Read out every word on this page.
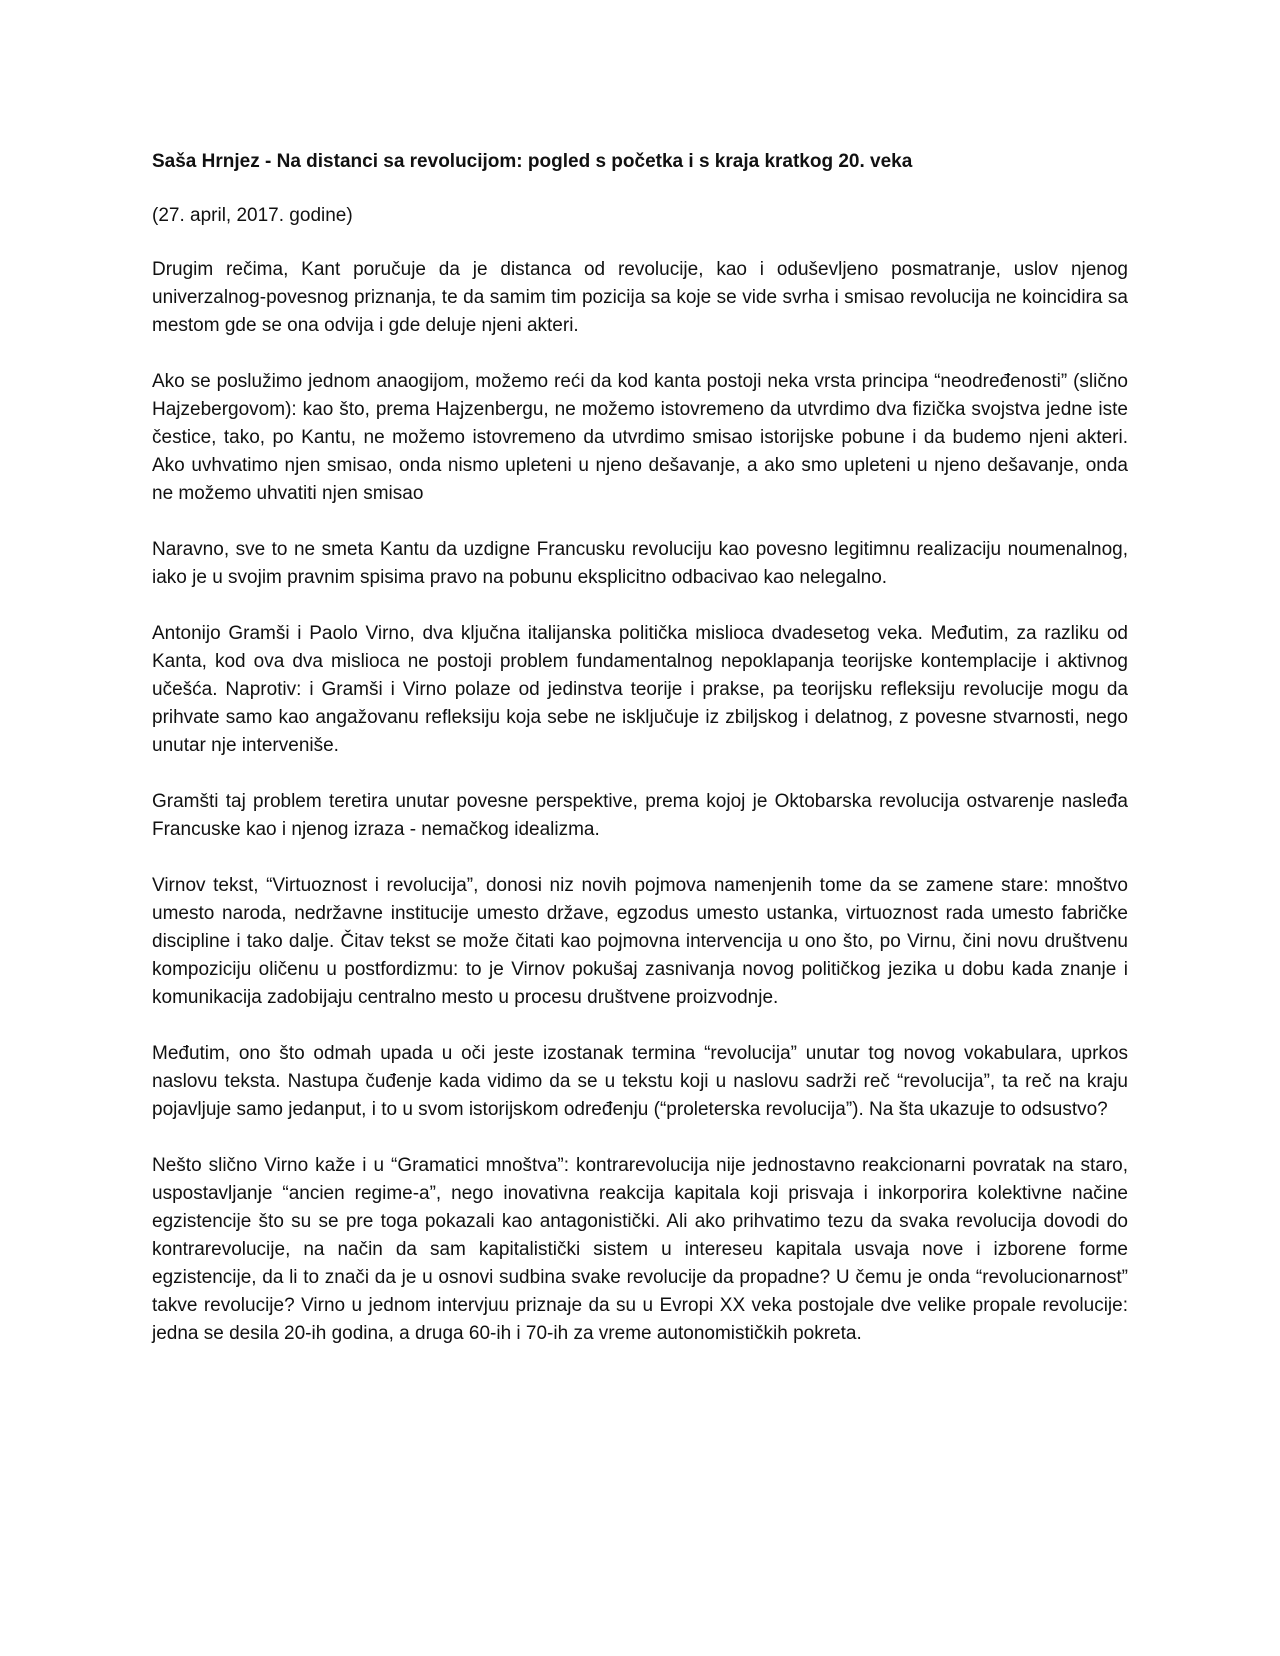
Saša Hrnjez - Na distanci sa revolucijom: pogled s početka i s kraja kratkog 20. veka

(27. april, 2017. godine)

Drugim rečima, Kant poručuje da je distanca od revolucije, kao i oduševljeno posmatranje, uslov njenog univerzalnog-povesnog priznanja, te da samim tim pozicija sa koje se vide svrha i smisao revolucija ne koincidira sa mestom gde se ona odvija i gde deluje njeni akteri.

Ako se poslužimo jednom anaogijom, možemo reći da kod kanta postoji neka vrsta principa “neodređenosti” (slično Hajzebergovom): kao što, prema Hajzenbergu, ne možemo istovremeno da utvrdimo dva fizička svojstva jedne iste čestice, tako, po Kantu, ne možemo istovremeno da utvrdimo smisao istorijske pobune i da budemo njeni akteri. Ako uvhvatimo njen smisao, onda nismo upleteni u njeno dešavanje, a ako smo upleteni u njeno dešavanje, onda ne možemo uhvatiti njen smisao

Naravno, sve to ne smeta Kantu da uzdigne Francusku revoluciju kao povesno legitimnu realizaciju noumenalnog, iako je u svojim pravnim spisima pravo na pobunu eksplicitno odbacivao kao nelegalno.

Antonijo Gramši i Paolo Virno, dva ključna italijanska politička mislioca dvadesetog veka. Međutim, za razliku od Kanta, kod ova dva mislioca ne postoji problem fundamentalnog nepoklapanja teorijske kontemplacije i aktivnog učešća. Naprotiv: i Gramši i Virno polaze od jedinstva teorije i prakse, pa teorijsku refleksiju revolucije mogu da prihvate samo kao angažovanu refleksiju koja sebe ne isključuje iz zbiljskog i delatnog, z povesne stvarnosti, nego unutar nje interveniše.

Gramšti taj problem teretira unutar povesne perspektive, prema kojoj je Oktobarska revolucija ostvarenje nasleđa Francuske kao i njenog izraza - nemačkog idealizma.

Virnov tekst, “Virtuoznost i revolucija”, donosi niz novih pojmova namenjenih tome da se zamene stare: mnoštvo umesto naroda, nedržavne institucije umesto države, egzodus umesto ustanka, virtuoznost rada umesto fabričke discipline i tako dalje. Čitav tekst se može čitati kao pojmovna intervencija u ono što, po Virnu, čini novu društvenu kompoziciju oličenu u postfordizmu: to je Virnov pokušaj zasnivanja novog političkog jezika u dobu kada znanje i komunikacija zadobijaju centralno mesto u procesu društvene proizvodnje.

Međutim, ono što odmah upada u oči jeste izostanak termina “revolucija” unutar tog novog vokabulara, uprkos naslovu teksta. Nastupa čuđenje kada vidimo da se u tekstu koji u naslovu sadrži reč “revolucija”, ta reč na kraju pojavljuje samo jedanput, i to u svom istorijskom određenju (“proleterska revolucija”). Na šta ukazuje to odsustvo?

Nešto slično Virno kaže i u “Gramatici mnoštva”: kontrarevolucija nije jednostavno reakcionarni povratak na staro, uspostavljanje “ancien regime-a”, nego inovativna reakcija kapitala koji prisvaja i inkorporira kolektivne načine egzistencije što su se pre toga pokazali kao antagonistički. Ali ako prihvatimo tezu da svaka revolucija dovodi do kontrarevolucije, na način da sam kapitalistički sistem u intereseu kapitala usvaja nove i izborene forme egzistencije, da li to znači da je u osnovi sudbina svake revolucije da propadne? U čemu je onda “revolucionarnost” takve revolucije? Virno u jednom intervjuu priznaje da su u Evropi XX veka postojale dve velike propale revolucije: jedna se desila 20-ih godina, a druga 60-ih i 70-ih za vreme autonomističkih pokreta.
